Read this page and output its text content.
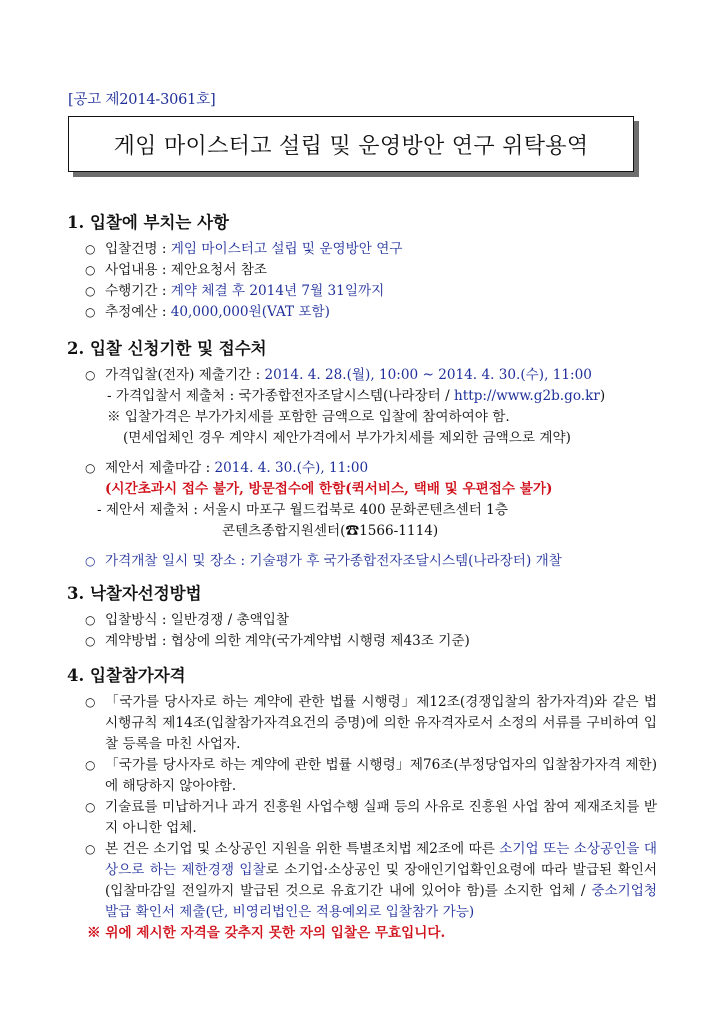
[공고 제2014-3061호]
게임 마이스터고 설립 및 운영방안 연구 위탁용역
1. 입찰에 부치는 사항
○ 입찰건명 : 게임 마이스터고 설립 및 운영방안 연구
○ 사업내용 : 제안요청서 참조
○ 수행기간 : 계약 체결 후 2014년 7월 31일까지
○ 추정예산 : 40,000,000원(VAT 포함)
2. 입찰 신청기한 및 접수처
○ 가격입찰(전자) 제출기간 : 2014. 4. 28.(월), 10:00 ~ 2014. 4. 30.(수), 11:00
- 가격입찰서 제출처 : 국가종합전자조달시스템(나라장터 / http://www.g2b.go.kr)
※ 입찰가격은 부가가치세를 포함한 금액으로 입찰에 참여하여야 함.
(면세업체인 경우 계약시 제안가격에서 부가가치세를 제외한 금액으로 계약)
○ 제안서 제출마감 : 2014. 4. 30.(수), 11:00
(시간초과시 접수 불가, 방문접수에 한함(퀵서비스, 택배 및 우편접수 불가)
- 제안서 제출처 : 서울시 마포구 월드컵북로 400 문화콘텐츠센터 1층
콘텐츠종합지원센터(☎1566-1114)
○ 가격개찰 일시 및 장소 : 기술평가 후 국가종합전자조달시스템(나라장터) 개찰
3. 낙찰자선정방법
○ 입찰방식 : 일반경쟁 / 총액입찰
○ 계약방법 : 협상에 의한 계약(국가계약법 시행령 제43조 기준)
4. 입찰참가자격
○ 「국가를 당사자로 하는 계약에 관한 법률 시행령」제12조(경쟁입찰의 참가자격)와 같은 법 시행규칙 제14조(입찰참가자격요건의 증명)에 의한 유자격자로서 소정의 서류를 구비하여 입찰 등록을 마친 사업자.
○ 「국가를 당사자로 하는 계약에 관한 법률 시행령」제76조(부정당업자의 입찰참가자격 제한)에 해당하지 않아야함.
○ 기술료를 미납하거나 과거 진흥원 사업수행 실패 등의 사유로 진흥원 사업 참여 제재조치를 받지 아니한 업체.
○ 본 건은 소기업 및 소상공인 지원을 위한 특별조치법 제2조에 따른 소기업 또는 소상공인을 대상으로 하는 제한경쟁 입찰로 소기업·소상공인 및 장애인기업확인요령에 따라 발급된 확인서(입찰마감일 전일까지 발급된 것으로 유효기간 내에 있어야 함)를 소지한 업체 / 중소기업청 발급 확인서 제출(단, 비영리법인은 적용예외로 입찰참가 가능)
※ 위에 제시한 자격을 갖추지 못한 자의 입찰은 무효입니다.
